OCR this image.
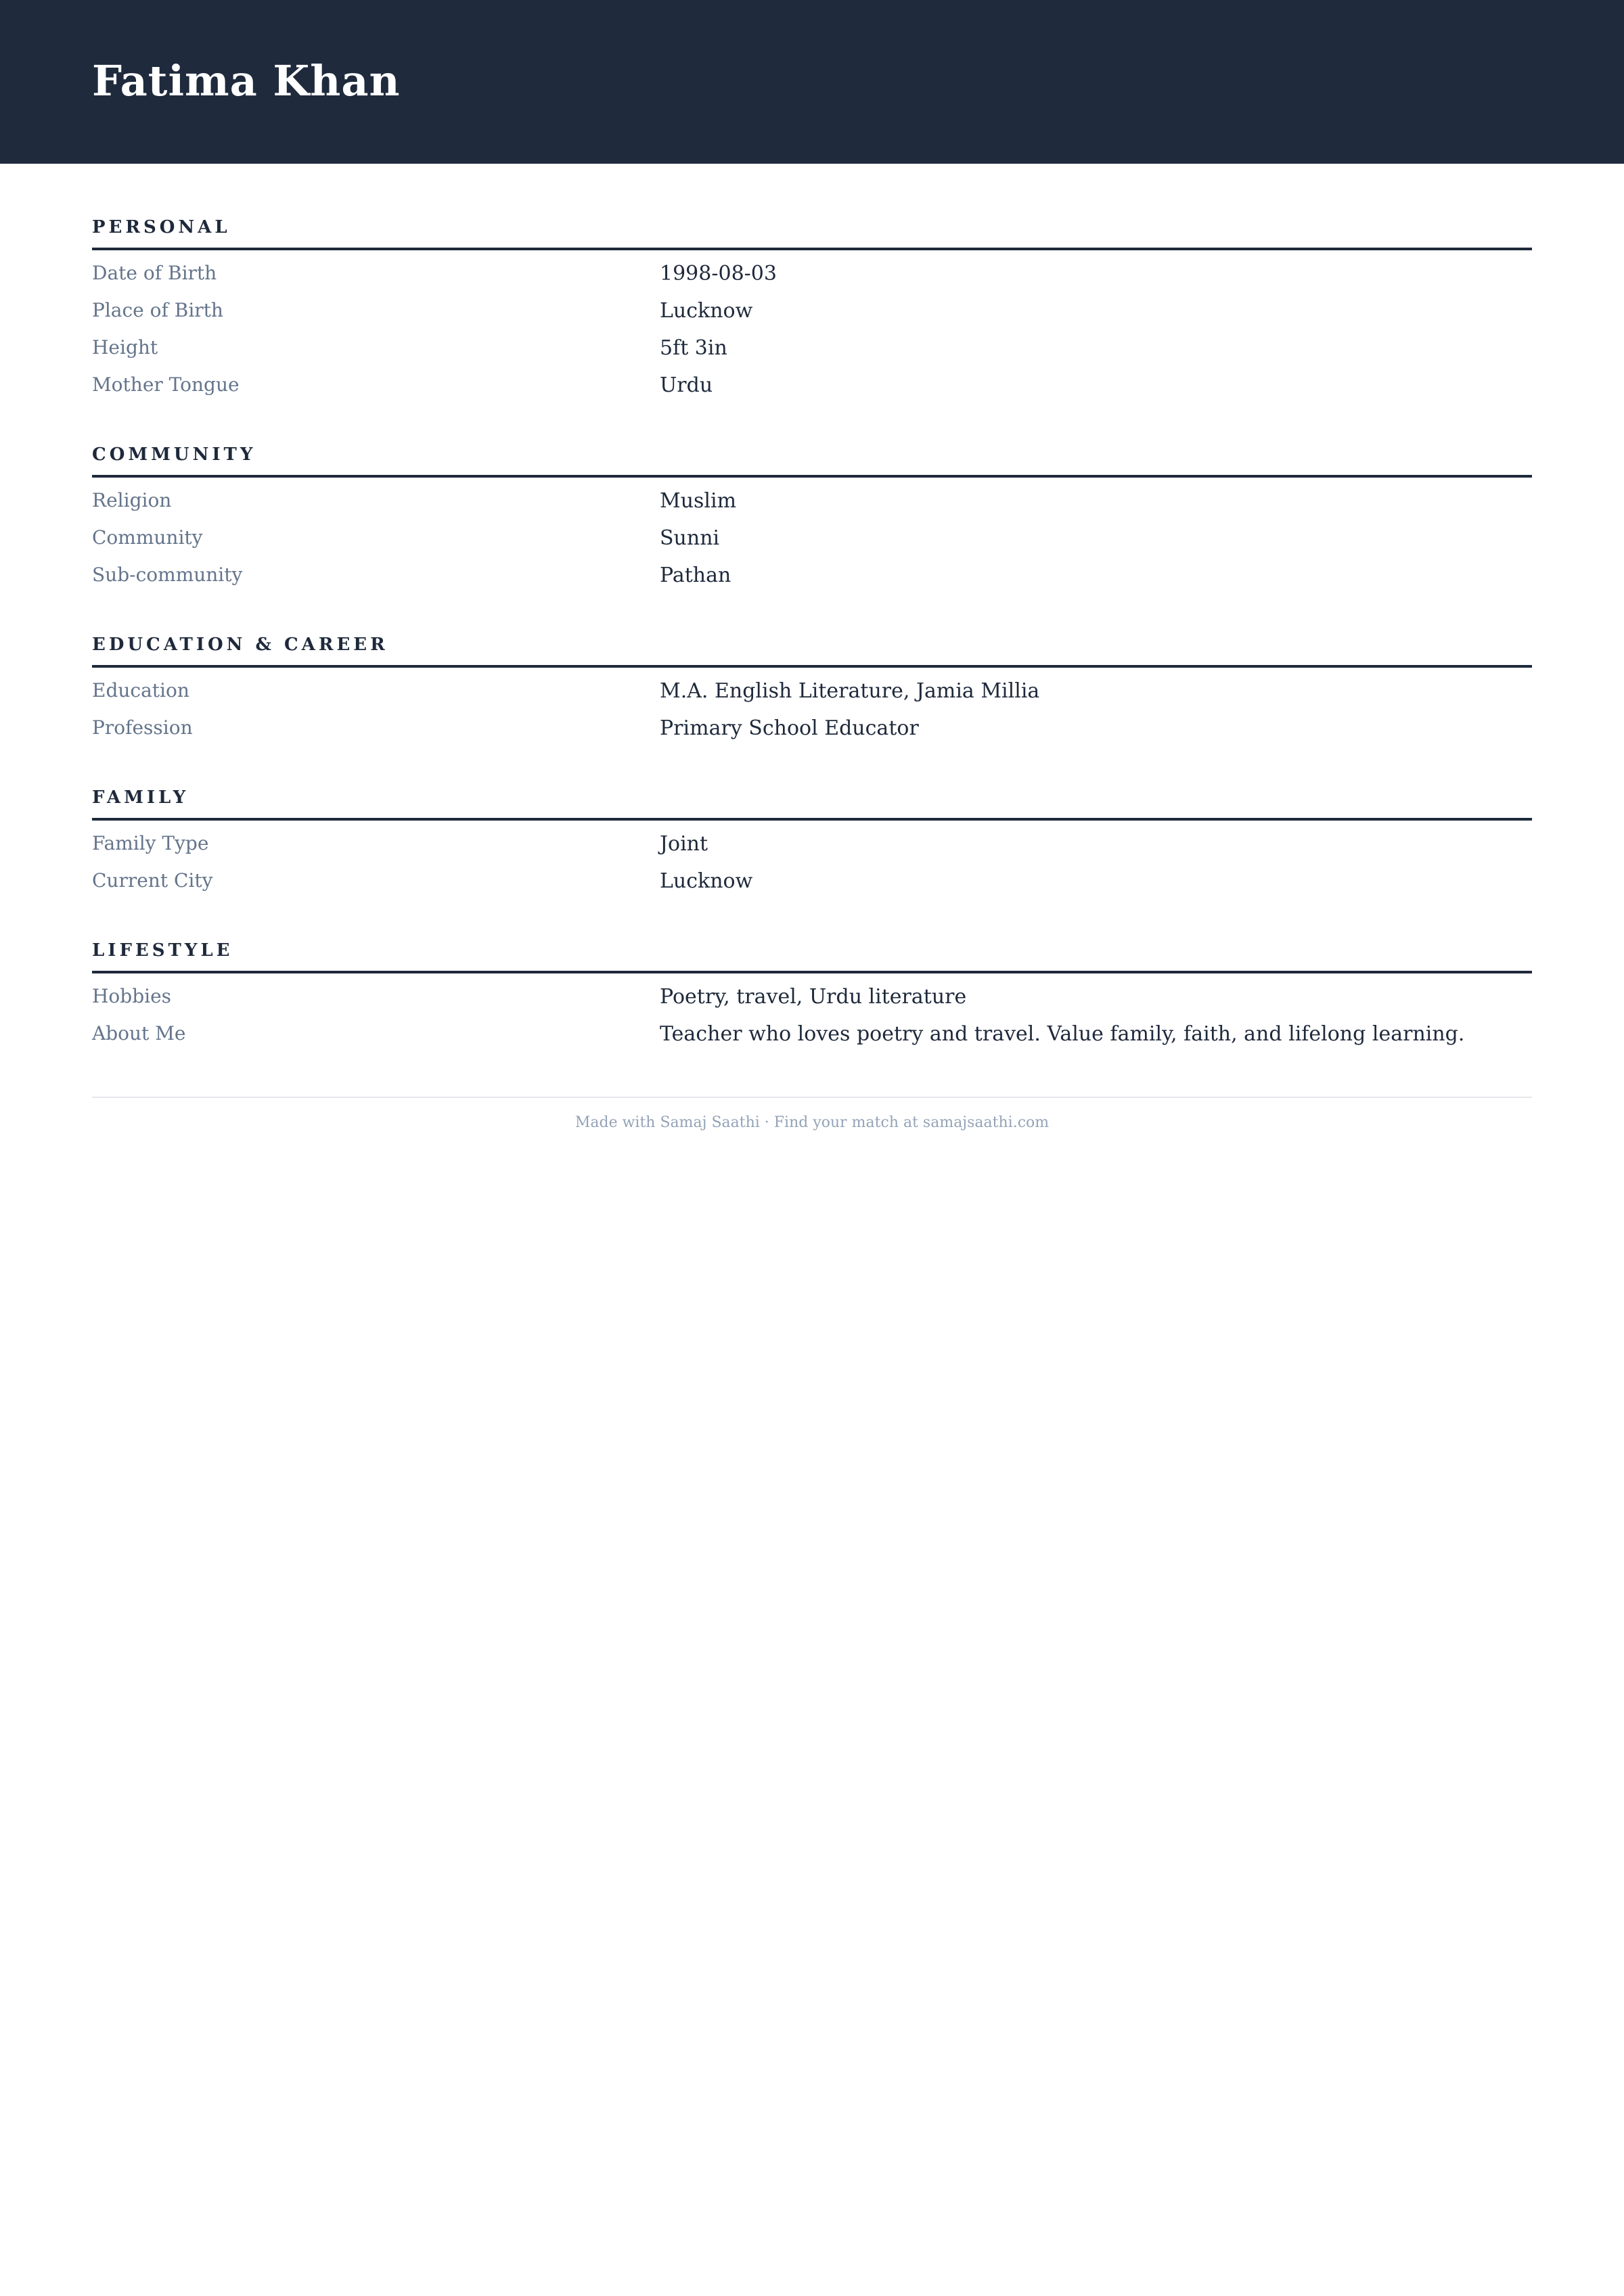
Fatima Khan
PERSONAL
Date of Birth	1998-08-03
Place of Birth	Lucknow
Height	5ft 3in
Mother Tongue	Urdu
COMMUNITY
Religion	Muslim
Community	Sunni
Sub-community	Pathan
EDUCATION & CAREER
Education	M.A. English Literature, Jamia Millia
Profession	Primary School Educator
FAMILY
Family Type	Joint
Current City	Lucknow
LIFESTYLE
Hobbies	Poetry, travel, Urdu literature
About Me	Teacher who loves poetry and travel. Value family, faith, and lifelong learning.
Made with Samaj Saathi · Find your match at samajsaathi.com
